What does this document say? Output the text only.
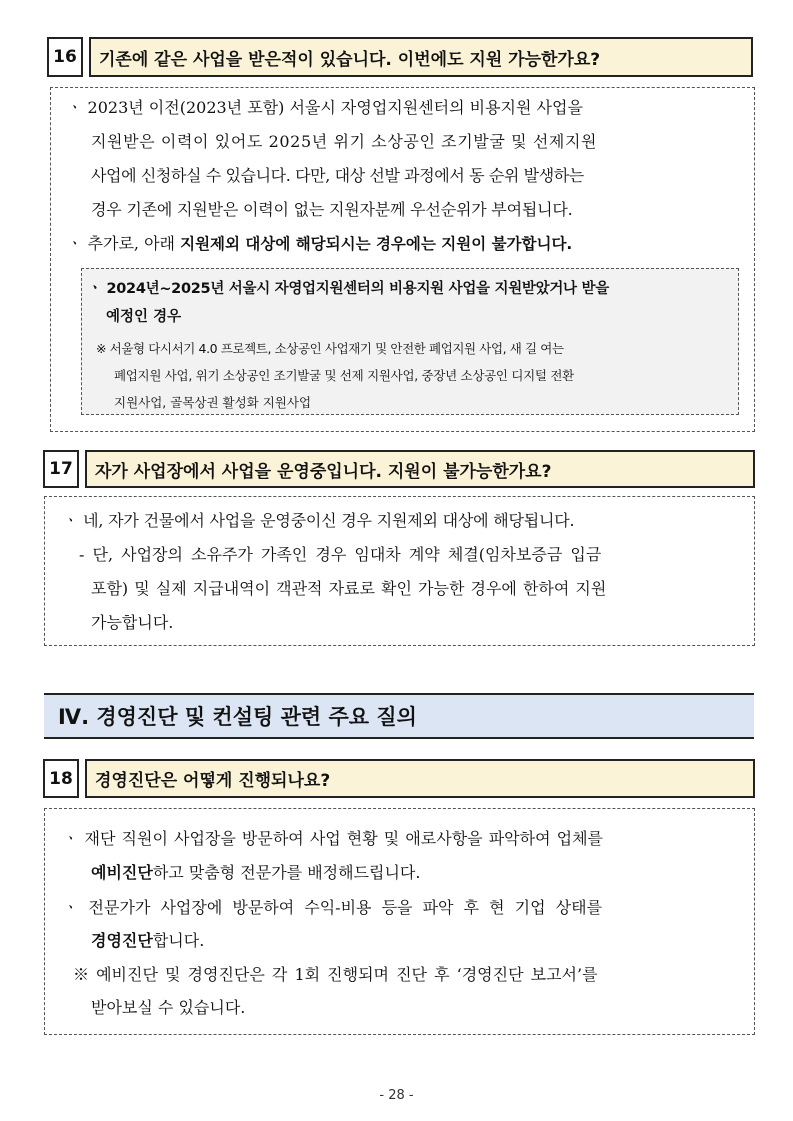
16	기존에 같은 사업을 받은적이 있습니다. 이번에도 지원 가능한가요?
ㆍ 2023년 이전(2023년 포함) 서울시 자영업지원센터의 비용지원 사업을
지원받은 이력이 있어도 2025년 위기 소상공인 조기발굴 및 선제지원
사업에 신청하실 수 있습니다. 다만, 대상 선발 과정에서 동 순위 발생하는
경우 기존에 지원받은 이력이 없는 지원자분께 우선순위가 부여됩니다.
ㆍ 추가로, 아래 지원제외 대상에 해당되시는 경우에는 지원이 불가합니다.
ㆍ 2024년~2025년 서울시 자영업지원센터의 비용지원 사업을 지원받았거나 받을
예정인 경우
※ 서울형 다시서기 4.0 프로젝트, 소상공인 사업재기 및 안전한 폐업지원 사업, 새 길 여는
폐업지원 사업, 위기 소상공인 조기발굴 및 선제 지원사업, 중장년 소상공인 디지털 전환
지원사업, 골목상권 활성화 지원사업
17	자가 사업장에서 사업을 운영중입니다. 지원이 불가능한가요?
ㆍ 네, 자가 건물에서 사업을 운영중이신 경우 지원제외 대상에 해당됩니다.
- 단, 사업장의 소유주가 가족인 경우 임대차 계약 체결(임차보증금 입금
포함) 및 실제 지급내역이 객관적 자료로 확인 가능한 경우에 한하여 지원
가능합니다.
Ⅳ. 경영진단 및 컨설팅 관련 주요 질의
18	경영진단은 어떻게 진행되나요?
ㆍ 재단 직원이 사업장을 방문하여 사업 현황 및 애로사항을 파악하여 업체를
예비진단하고 맞춤형 전문가를 배정해드립니다.
ㆍ 전문가가 사업장에 방문하여 수익-비용 등을 파악 후 현 기업 상태를
경영진단합니다.
※ 예비진단 및 경영진단은 각 1회 진행되며 진단 후 ‘경영진단 보고서’를
받아보실 수 있습니다.
- 28 -
